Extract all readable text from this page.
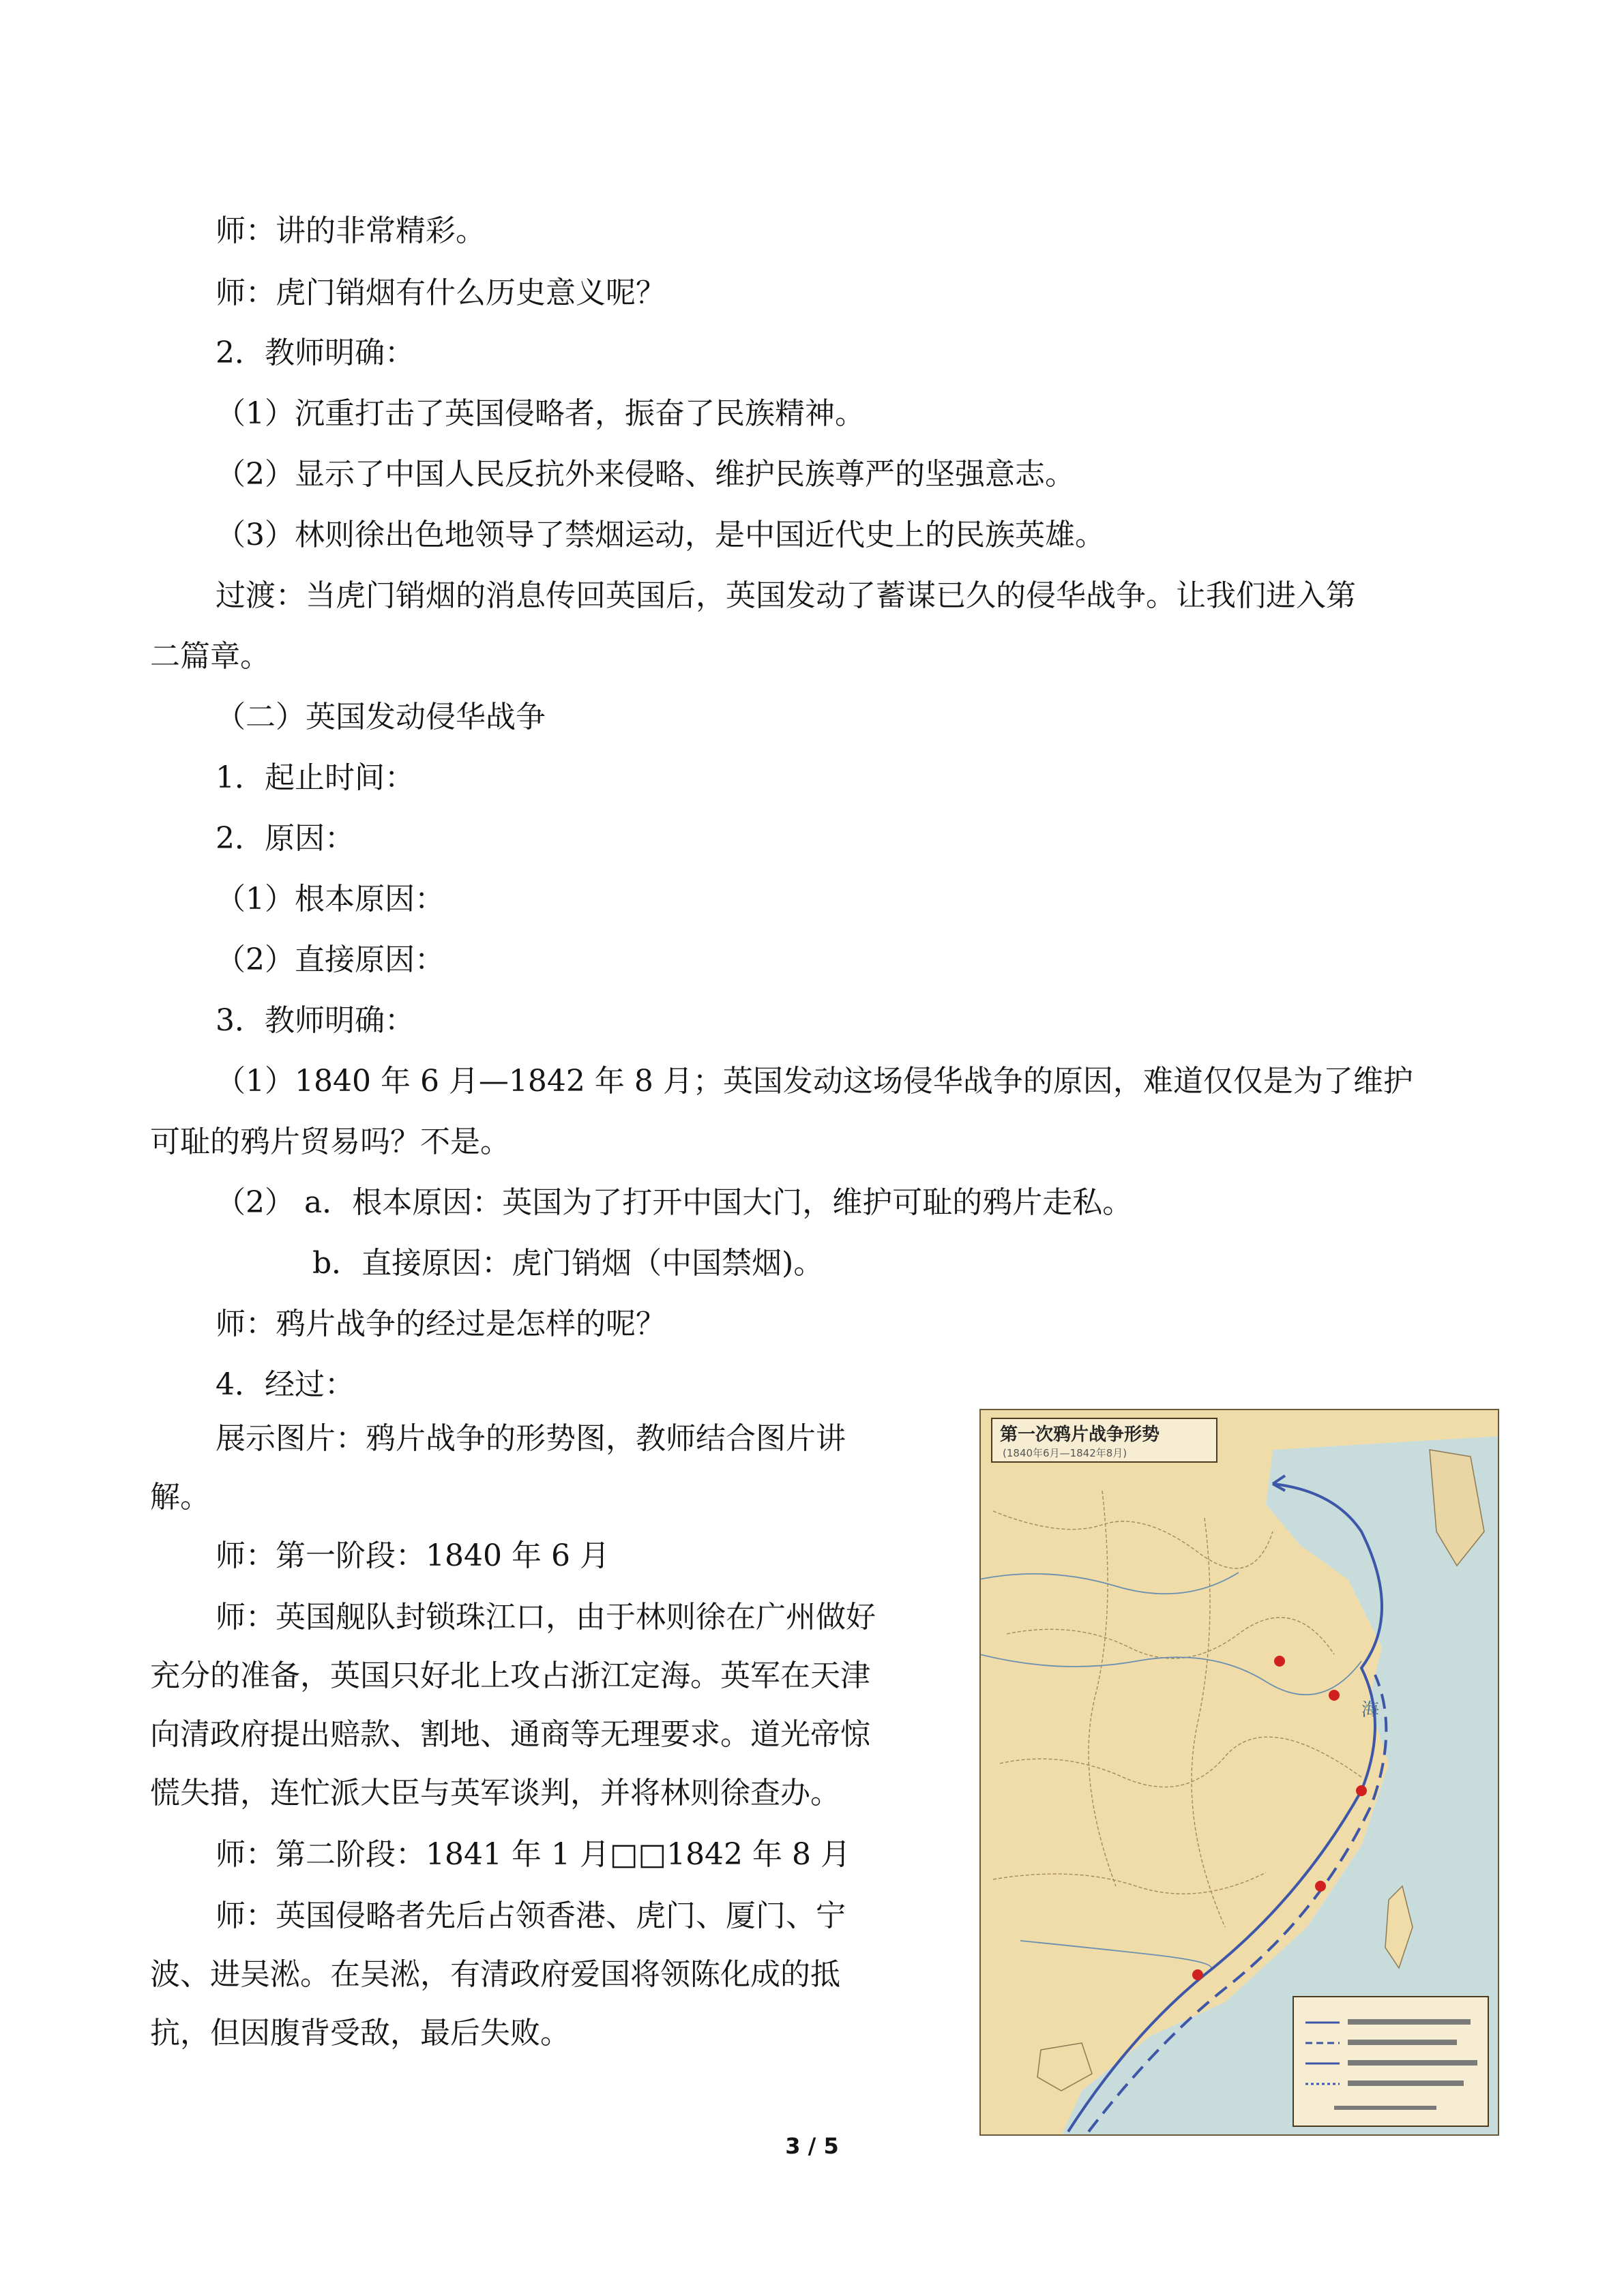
师：讲的非常精彩。

师：虎门销烟有什么历史意义呢？

2．教师明确：

（1）沉重打击了英国侵略者，振奋了民族精神。

（2）显示了中国人民反抗外来侵略、维护民族尊严的坚强意志。

（3）林则徐出色地领导了禁烟运动，是中国近代史上的民族英雄。

过渡：当虎门销烟的消息传回英国后，英国发动了蓄谋已久的侵华战争。让我们进入第

二篇章。

（二）英国发动侵华战争

1．起止时间：

2．原因：

（1）根本原因：

（2）直接原因：

3．教师明确：

（1）1840 年 6 月—1842 年 8 月；英国发动这场侵华战争的原因，难道仅仅是为了维护

可耻的鸦片贸易吗？不是。

（2） a．根本原因：英国为了打开中国大门，维护可耻的鸦片走私。

b．直接原因：虎门销烟（中国禁烟)。

师：鸦片战争的经过是怎样的呢？

4．经过：

展示图片：鸦片战争的形势图，教师结合图片讲

解。

师：第一阶段：1840 年 6 月

师：英国舰队封锁珠江口，由于林则徐在广州做好

充分的准备，英国只好北上攻占浙江定海。英军在天津

向清政府提出赔款、割地、通商等无理要求。道光帝惊

慌失措，连忙派大臣与英军谈判，并将林则徐查办。

师：第二阶段：1841 年 1 月□□1842 年 8 月

师：英国侵略者先后占领香港、虎门、厦门、宁

波、进吴淞。在吴淞，有清政府爱国将领陈化成的抵

抗，但因腹背受敌，最后失败。

第一次鸦片战争形势
(1840年6月—1842年8月)
海
3 / 5
